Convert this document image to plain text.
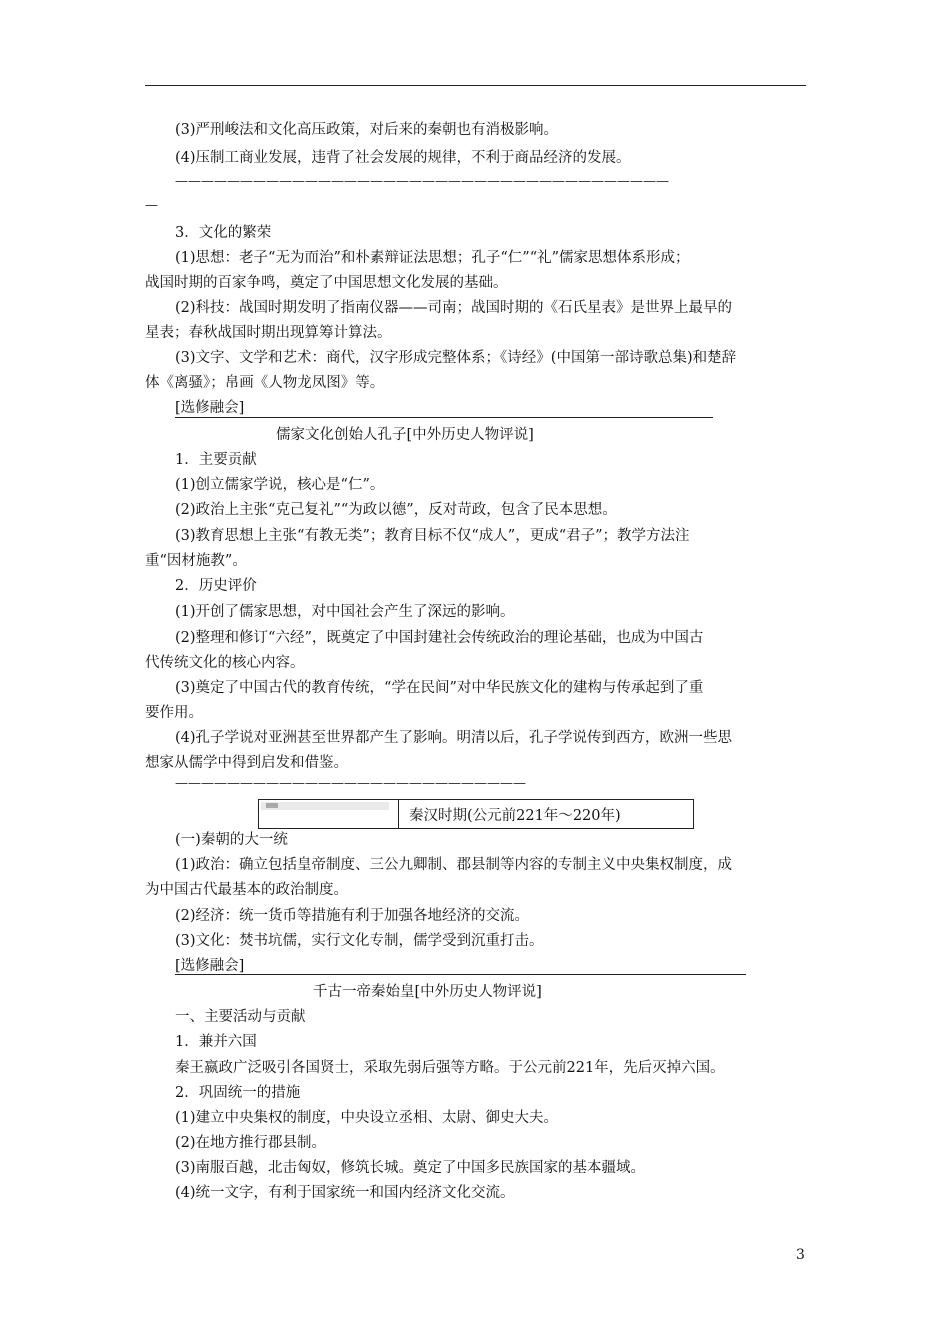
(3)严刑峻法和文化高压政策，对后来的秦朝也有消极影响。
(4)压制工商业发展，违背了社会发展的规律，不利于商品经济的发展。
——————————————————————————————————————
—
3．文化的繁荣
(1)思想：老子“无为而治”和朴素辩证法思想；孔子“仁”“礼”儒家思想体系形成；
战国时期的百家争鸣，奠定了中国思想文化发展的基础。
(2)科技：战国时期发明了指南仪器——司南；战国时期的《石氏星表》是世界上最早的
星表；春秋战国时期出现算筹计算法。
(3)文字、文学和艺术：商代，汉字形成完整体系；《诗经》(中国第一部诗歌总集)和楚辞
体《离骚》；帛画《人物龙凤图》等。
[选修融会]
儒家文化创始人孔子[中外历史人物评说]
1．主要贡献
(1)创立儒家学说，核心是“仁”。
(2)政治上主张“克己复礼”“为政以德”，反对苛政，包含了民本思想。
(3)教育思想上主张“有教无类”；教育目标不仅“成人”，更成“君子”；教学方法注
重“因材施教”。
2．历史评价
(1)开创了儒家思想，对中国社会产生了深远的影响。
(2)整理和修订“六经”，既奠定了中国封建社会传统政治的理论基础，也成为中国古
代传统文化的核心内容。
(3)奠定了中国古代的教育传统，“学在民间”对中华民族文化的建构与传承起到了重
要作用。
(4)孔子学说对亚洲甚至世界都产生了影响。明清以后，孔子学说传到西方，欧洲一些思
想家从儒学中得到启发和借鉴。
———————————————————————————
秦汉时期(公元前221年～220年)
(一)秦朝的大一统
(1)政治：确立包括皇帝制度、三公九卿制、郡县制等内容的专制主义中央集权制度，成
为中国古代最基本的政治制度。
(2)经济：统一货币等措施有利于加强各地经济的交流。
(3)文化：焚书坑儒，实行文化专制，儒学受到沉重打击。
[选修融会]
千古一帝秦始皇[中外历史人物评说]
一、主要活动与贡献
1．兼并六国
秦王嬴政广泛吸引各国贤士，采取先弱后强等方略。于公元前221年，先后灭掉六国。
2．巩固统一的措施
(1)建立中央集权的制度，中央设立丞相、太尉、御史大夫。
(2)在地方推行郡县制。
(3)南服百越，北击匈奴，修筑长城。奠定了中国多民族国家的基本疆域。
(4)统一文字，有利于国家统一和国内经济文化交流。
3
